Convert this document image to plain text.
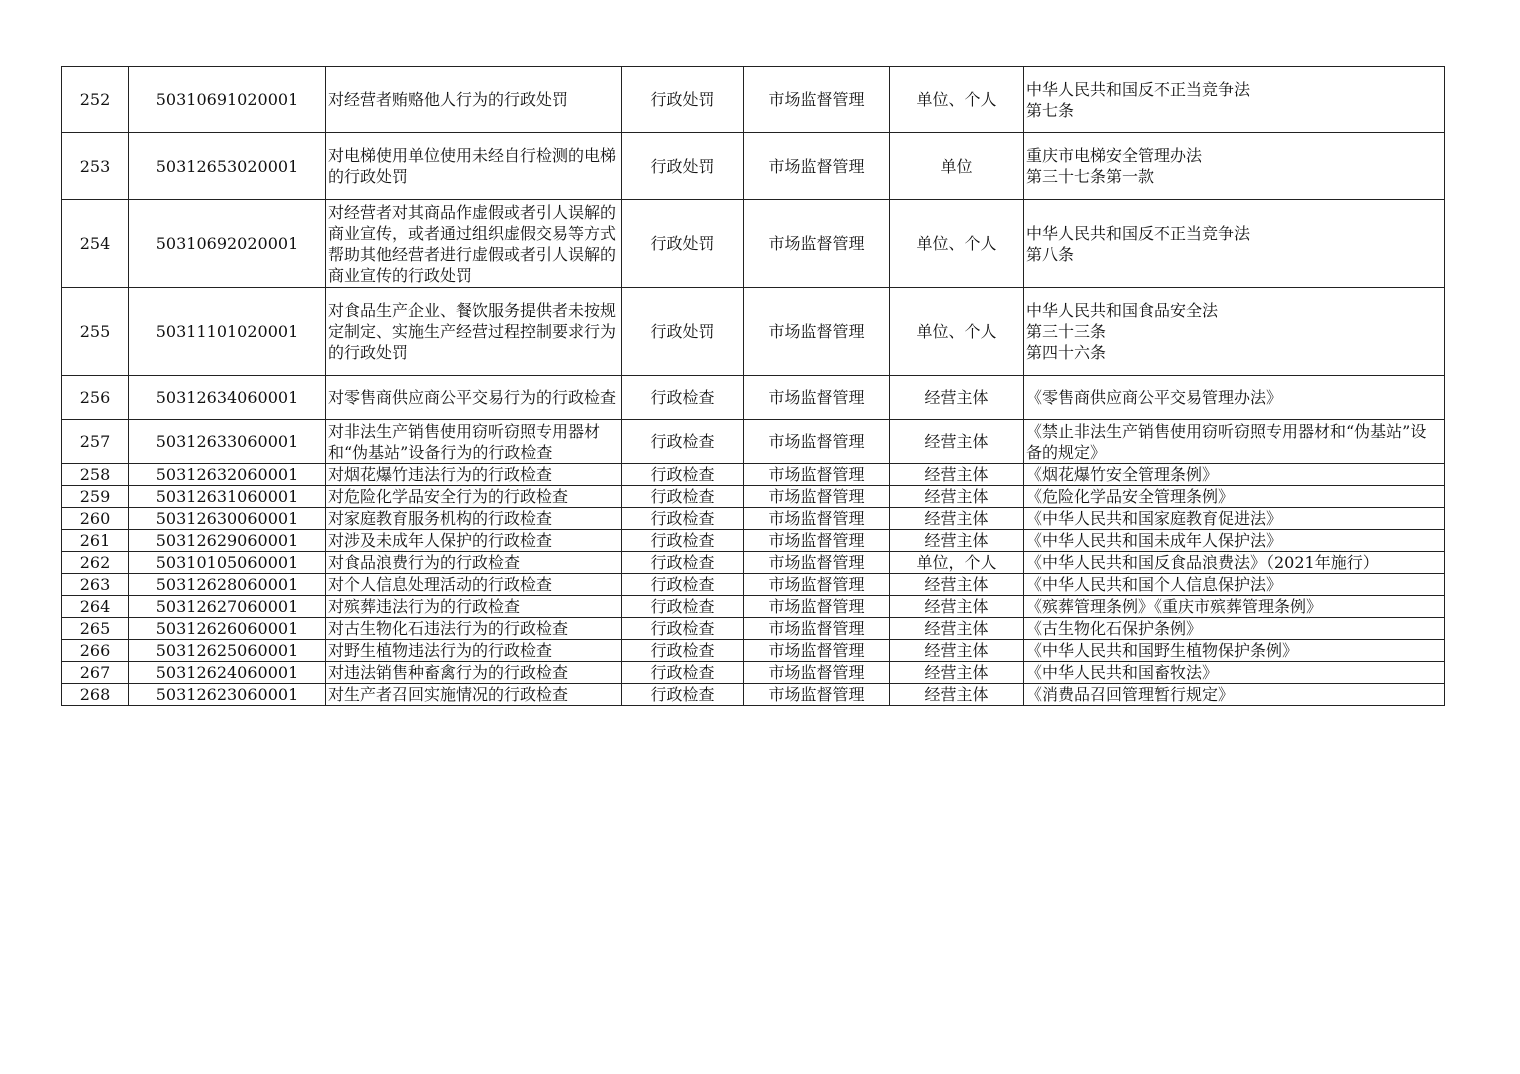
252	50310691020001	对经营者贿赂他人行为的行政处罚	行政处罚	市场监督管理	单位、个人	中华人民共和国反不正当竞争法
第七条

253	50312653020001	对电梯使用单位使用未经自行检测的电梯的行政处罚	行政处罚	市场监督管理	单位	重庆市电梯安全管理办法
第三十七条第一款

254	50310692020001	对经营者对其商品作虚假或者引人误解的商业宣传，或者通过组织虚假交易等方式帮助其他经营者进行虚假或者引人误解的商业宣传的行政处罚	行政处罚	市场监督管理	单位、个人	中华人民共和国反不正当竞争法
第八条

255	50311101020001	对食品生产企业、餐饮服务提供者未按规定制定、实施生产经营过程控制要求行为的行政处罚	行政处罚	市场监督管理	单位、个人	中华人民共和国食品安全法
第三十三条
第四十六条

256	50312634060001	对零售商供应商公平交易行为的行政检查	行政检查	市场监督管理	经营主体	《零售商供应商公平交易管理办法》

257	50312633060001	对非法生产销售使用窃听窃照专用器材和“伪基站”设备行为的行政检查	行政检查	市场监督管理	经营主体	《禁止非法生产销售使用窃听窃照专用器材和“伪基站”设备的规定》

258	50312632060001	对烟花爆竹违法行为的行政检查	行政检查	市场监督管理	经营主体	《烟花爆竹安全管理条例》

259	50312631060001	对危险化学品安全行为的行政检查	行政检查	市场监督管理	经营主体	《危险化学品安全管理条例》

260	50312630060001	对家庭教育服务机构的行政检查	行政检查	市场监督管理	经营主体	《中华人民共和国家庭教育促进法》

261	50312629060001	对涉及未成年人保护的行政检查	行政检查	市场监督管理	经营主体	《中华人民共和国未成年人保护法》

262	50310105060001	对食品浪费行为的行政检查	行政检查	市场监督管理	单位，个人	《中华人民共和国反食品浪费法》（2021年施行）

263	50312628060001	对个人信息处理活动的行政检查	行政检查	市场监督管理	经营主体	《中华人民共和国个人信息保护法》

264	50312627060001	对殡葬违法行为的行政检查	行政检查	市场监督管理	经营主体	《殡葬管理条例》《重庆市殡葬管理条例》

265	50312626060001	对古生物化石违法行为的行政检查	行政检查	市场监督管理	经营主体	《古生物化石保护条例》

266	50312625060001	对野生植物违法行为的行政检查	行政检查	市场监督管理	经营主体	《中华人民共和国野生植物保护条例》

267	50312624060001	对违法销售种畜禽行为的行政检查	行政检查	市场监督管理	经营主体	《中华人民共和国畜牧法》

268	50312623060001	对生产者召回实施情况的行政检查	行政检查	市场监督管理	经营主体	《消费品召回管理暂行规定》
